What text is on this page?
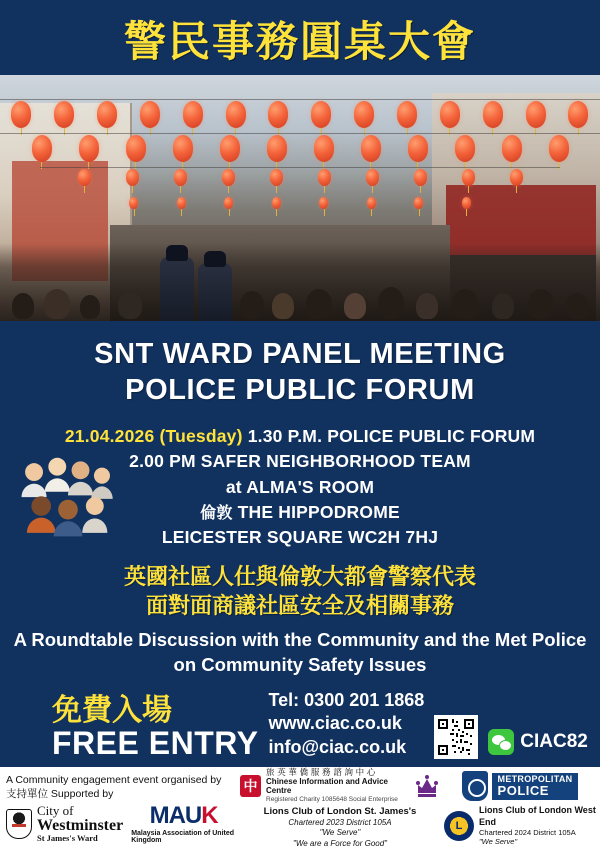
警民事務圓桌大會
SNT WARD PANEL MEETING
POLICE PUBLIC FORUM
21.04.2026 (Tuesday) 1.30 P.M. POLICE PUBLIC FORUM
2.00 PM SAFER NEIGHBORHOOD TEAM
at ALMA'S ROOM
倫敦 THE HIPPODROME
LEICESTER SQUARE WC2H 7HJ
英國社區人仕與倫敦大都會警察代表
面對面商議社區安全及相關事務
A Roundtable Discussion with the Community and the Met Police
on Community Safety Issues
免費入場
FREE ENTRY
Tel: 0300 201 1868
www.ciac.co.uk
info@ciac.co.uk	CIAC82
A Community engagement event organised by
支持單位 Supported by
City of
Westminster
St James's Ward
MAUK
Malaysia Association of United Kingdom
中
旅 英 華 僑 服 務 諮 詢 中 心
Chinese Information and Advice Centre
Registered Charity 1085648 Social Enterprise
Lions Club of London St. James's
Chartered 2023 District 105A
"We Serve"
"We are a Force for Good"
METROPOLITAN
POLICE
L
Lions Club of London West End
Chartered 2024 District 105A
"We Serve"
